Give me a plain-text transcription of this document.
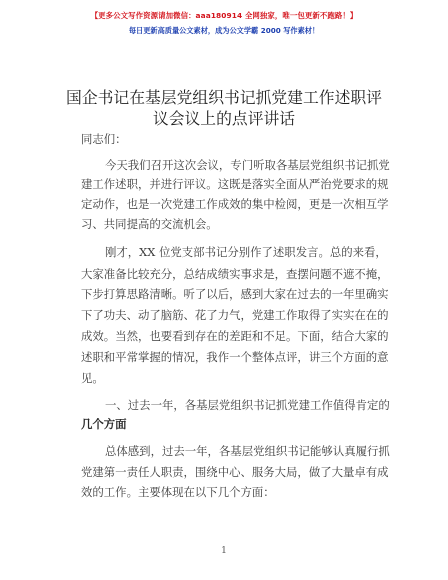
【更多公文写作资源请加微信：aaa180914 全网独家，唯一包更新不跑路！】
每日更新高质量公文素材，成为公文学霸 2000 写作素材！
国企书记在基层党组织书记抓党建工作述职评
议会议上的点评讲话
同志们：
今天我们召开这次会议，专门听取各基层党组织书记抓党
建工作述职，并进行评议。这既是落实全面从严治党要求的规
定动作，也是一次党建工作成效的集中检阅，更是一次相互学
习、共同提高的交流机会。
刚才，XX 位党支部书记分别作了述职发言。总的来看，
大家准备比较充分，总结成绩实事求是，查摆问题不遮不掩，
下步打算思路清晰。听了以后，感到大家在过去的一年里确实
下了功夫、动了脑筋、花了力气，党建工作取得了实实在在的
成效。当然，也要看到存在的差距和不足。下面，结合大家的
述职和平常掌握的情况，我作一个整体点评，讲三个方面的意
见。
一、过去一年，各基层党组织书记抓党建工作值得肯定的
几个方面
总体感到，过去一年，各基层党组织书记能够认真履行抓
党建第一责任人职责，围绕中心、服务大局，做了大量卓有成
效的工作。主要体现在以下几个方面：
1
